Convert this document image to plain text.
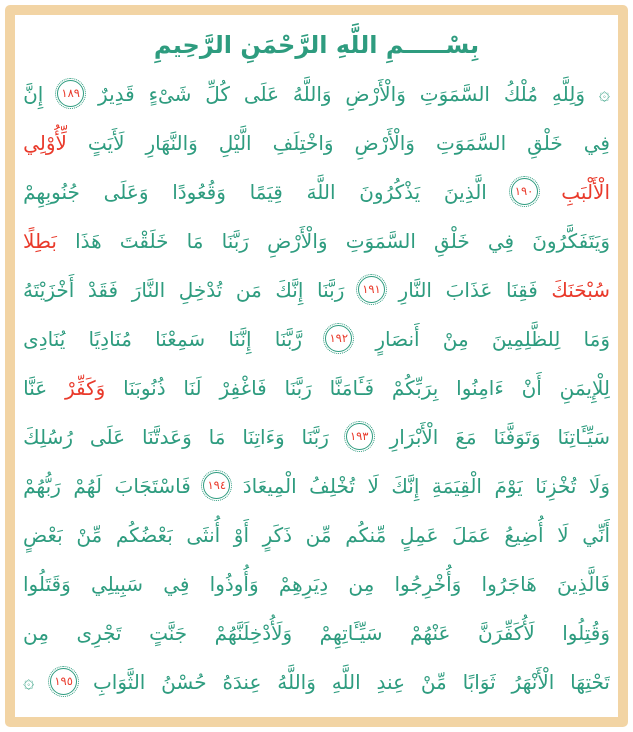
بِسْـــــمِ اللَّهِ الرَّحْمَنِ الرَّحِيمِ
۞
وَلِلَّهِ
مُلْكُ
السَّمَوَتِ
وَالْأَرْضِ
وَاللَّهُ
عَلَى
كُلِّ
شَىْءٍ
قَدِيرٌ
١٨٩
إِنَّ
فِي
خَلْقِ
السَّمَوَتِ
وَالْأَرْضِ
وَاخْتِلَفِ
الَّيْلِ
وَالنَّهَارِ
لَأَيَتٍ
لِّأُوْلِي
الْأَلْبَبِ
١٩٠
الَّذِينَ
يَذْكُرُونَ
اللَّهَ
قِيَمًا
وَقُعُودًا
وَعَلَى
جُنُوبِهِمْ
وَيَتَفَكَّرُونَ
فِي
خَلْقِ
السَّمَوَتِ
وَالْأَرْضِ
رَبَّنَا
مَا
خَلَقْتَ
هَذَا
بَطِلًا
سُبْحَنَكَ
فَقِنَا
عَذَابَ
النَّارِ
١٩١
رَبَّنَا
إِنَّكَ
مَن
تُدْخِلِ
النَّارَ
فَقَدْ
أَخْزَيْتَهُ
وَمَا
لِلظَّلِمِينَ
مِنْ
أَنصَارٍ
١٩٢
رَّبَّنَا
إِنَّنَا
سَمِعْنَا
مُنَادِيًا
يُنَادِى
لِلْإِيمَنِ
أَنْ
ءَامِنُوا
بِرَبِّكُمْ
فَـَٔامَنَّا
رَبَّنَا
فَاغْفِرْ
لَنَا
ذُنُوبَنَا
وَكَفِّرْ
عَنَّا
سَيِّـَٔاتِنَا
وَتَوَفَّنَا
مَعَ
الْأَبْرَارِ
١٩٣
رَبَّنَا
وَءَاتِنَا
مَا
وَعَدتَّنَا
عَلَى
رُسُلِكَ
وَلَا
تُخْزِنَا
يَوْمَ
الْقِيَمَةِ
إِنَّكَ
لَا
تُخْلِفُ
الْمِيعَادَ
١٩٤
فَاسْتَجَابَ
لَهُمْ
رَبُّهُمْ
أَنِّي
لَا
أُضِيعُ
عَمَلَ
عَمِلٍ
مِّنكُم
مِّن
ذَكَرٍ
أَوْ
أُنثَى
بَعْضُكُم
مِّنْ
بَعْضٍ
فَالَّذِينَ
هَاجَرُوا
وَأُخْرِجُوا
مِن
دِيَرِهِمْ
وَأُوذُوا
فِي
سَبِيلِي
وَقَتَلُوا
وَقُتِلُوا
لَأُكَفِّرَنَّ
عَنْهُمْ
سَيِّـَٔاتِهِمْ
وَلَأُدْخِلَنَّهُمْ
جَنَّتٍ
تَجْرِى
مِن
تَحْتِهَا
الْأَنْهَرُ
ثَوَابًا
مِّنْ
عِندِ
اللَّهِ
وَاللَّهُ
عِندَهُ
حُسْنُ
الثَّوَابِ
١٩٥
۞
